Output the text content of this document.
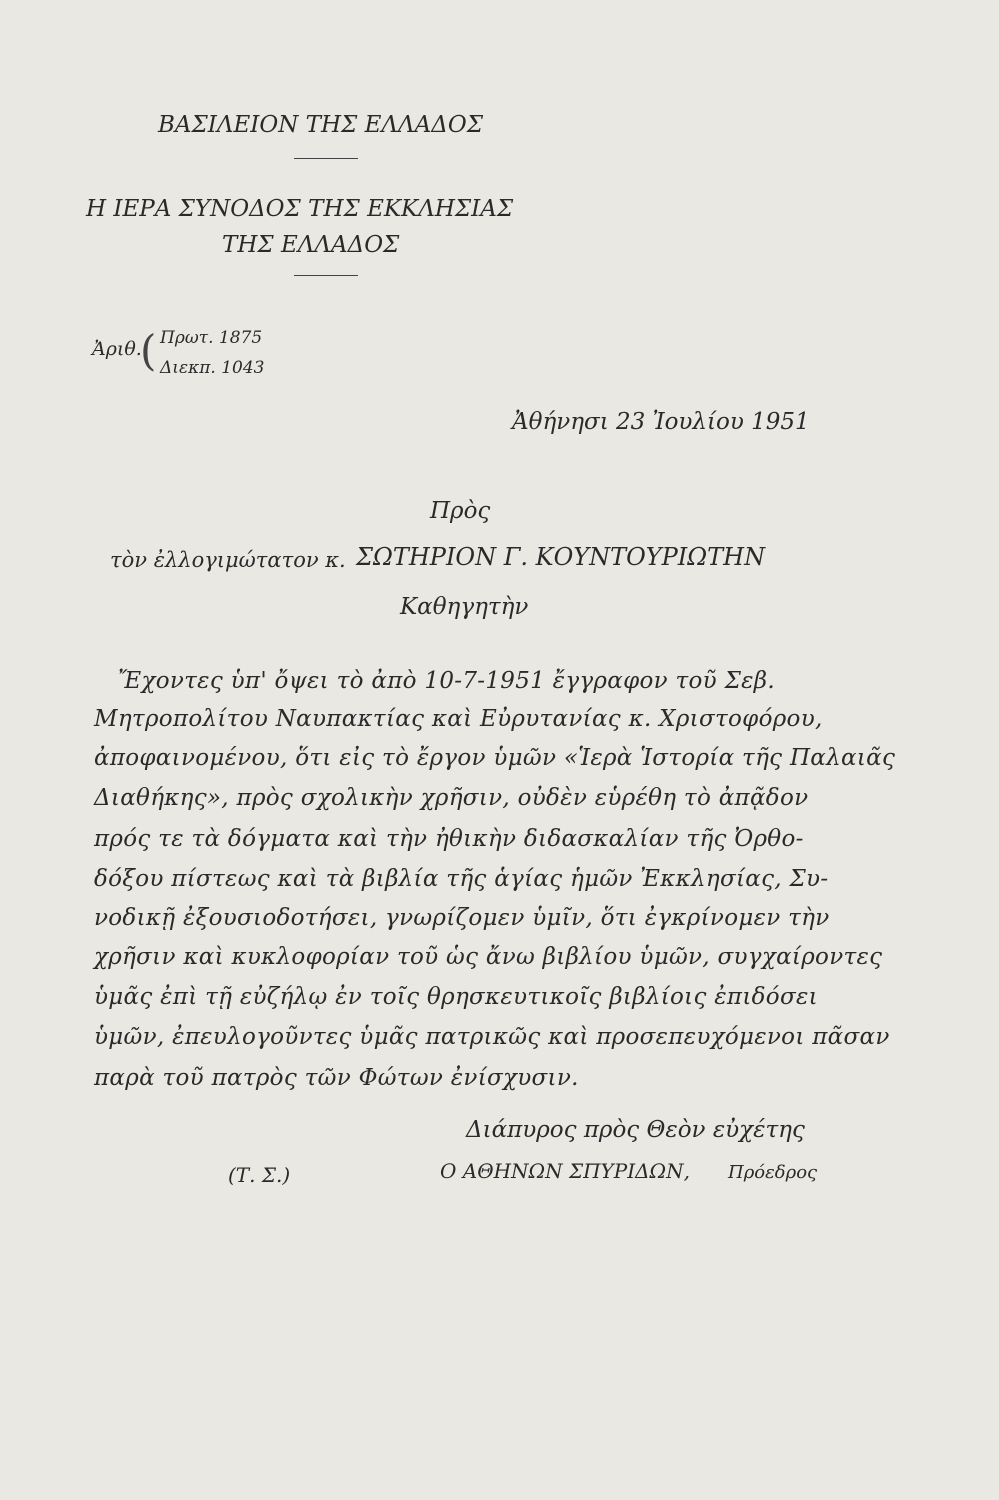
ΒΑΣΙΛΕΙΟΝ ΤΗΣ ΕΛΛΑΔΟΣ
Η ΙΕΡΑ ΣΥΝΟΔΟΣ ΤΗΣ ΕΚΚΛΗΣΙΑΣ
ΤΗΣ ΕΛΛΑΔΟΣ
Ἀριθ.
( Πρωτ. 1875
Διεκπ. 1043
Ἀθήνησι 23 Ἰουλίου 1951
Πρὸς
τὸν ἐλλογιμώτατον κ. ΣΩΤΗΡΙΟΝ Γ. ΚΟΥΝΤΟΥΡΙΩΤΗΝ
Καθηγητὴν
Ἔχοντες ὑπ' ὄψει τὸ ἀπὸ 10-7-1951 ἔγγραφον τοῦ Σεβ.
Μητροπολίτου Ναυπακτίας καὶ Εὐρυτανίας κ. Χριστοφόρου,
ἀποφαινομένου, ὅτι εἰς τὸ ἔργον ὑμῶν «Ἱερὰ Ἱστορία τῆς Παλαιᾶς
Διαθήκης», πρὸς σχολικὴν χρῆσιν, οὐδὲν εὑρέθη τὸ ἀπᾷδον
πρός τε τὰ δόγματα καὶ τὴν ἠθικὴν διδασκαλίαν τῆς Ὀρθο-
δόξου πίστεως καὶ τὰ βιβλία τῆς ἁγίας ἡμῶν Ἐκκλησίας, Συ-
νοδικῇ ἐξουσιοδοτήσει, γνωρίζομεν ὑμῖν, ὅτι ἐγκρίνομεν τὴν
χρῆσιν καὶ κυκλοφορίαν τοῦ ὡς ἄνω βιβλίου ὑμῶν, συγχαίροντες
ὑμᾶς ἐπὶ τῇ εὐζήλῳ ἐν τοῖς θρησκευτικοῖς βιβλίοις ἐπιδόσει
ὑμῶν, ἐπευλογοῦντες ὑμᾶς πατρικῶς καὶ προσεπευχόμενοι πᾶσαν
παρὰ τοῦ πατρὸς τῶν Φώτων ἐνίσχυσιν.
Διάπυρος πρὸς Θεὸν εὐχέτης
(Τ. Σ.)	Ο ΑΘΗΝΩΝ ΣΠΥΡΙΔΩΝ, Πρόεδρος
